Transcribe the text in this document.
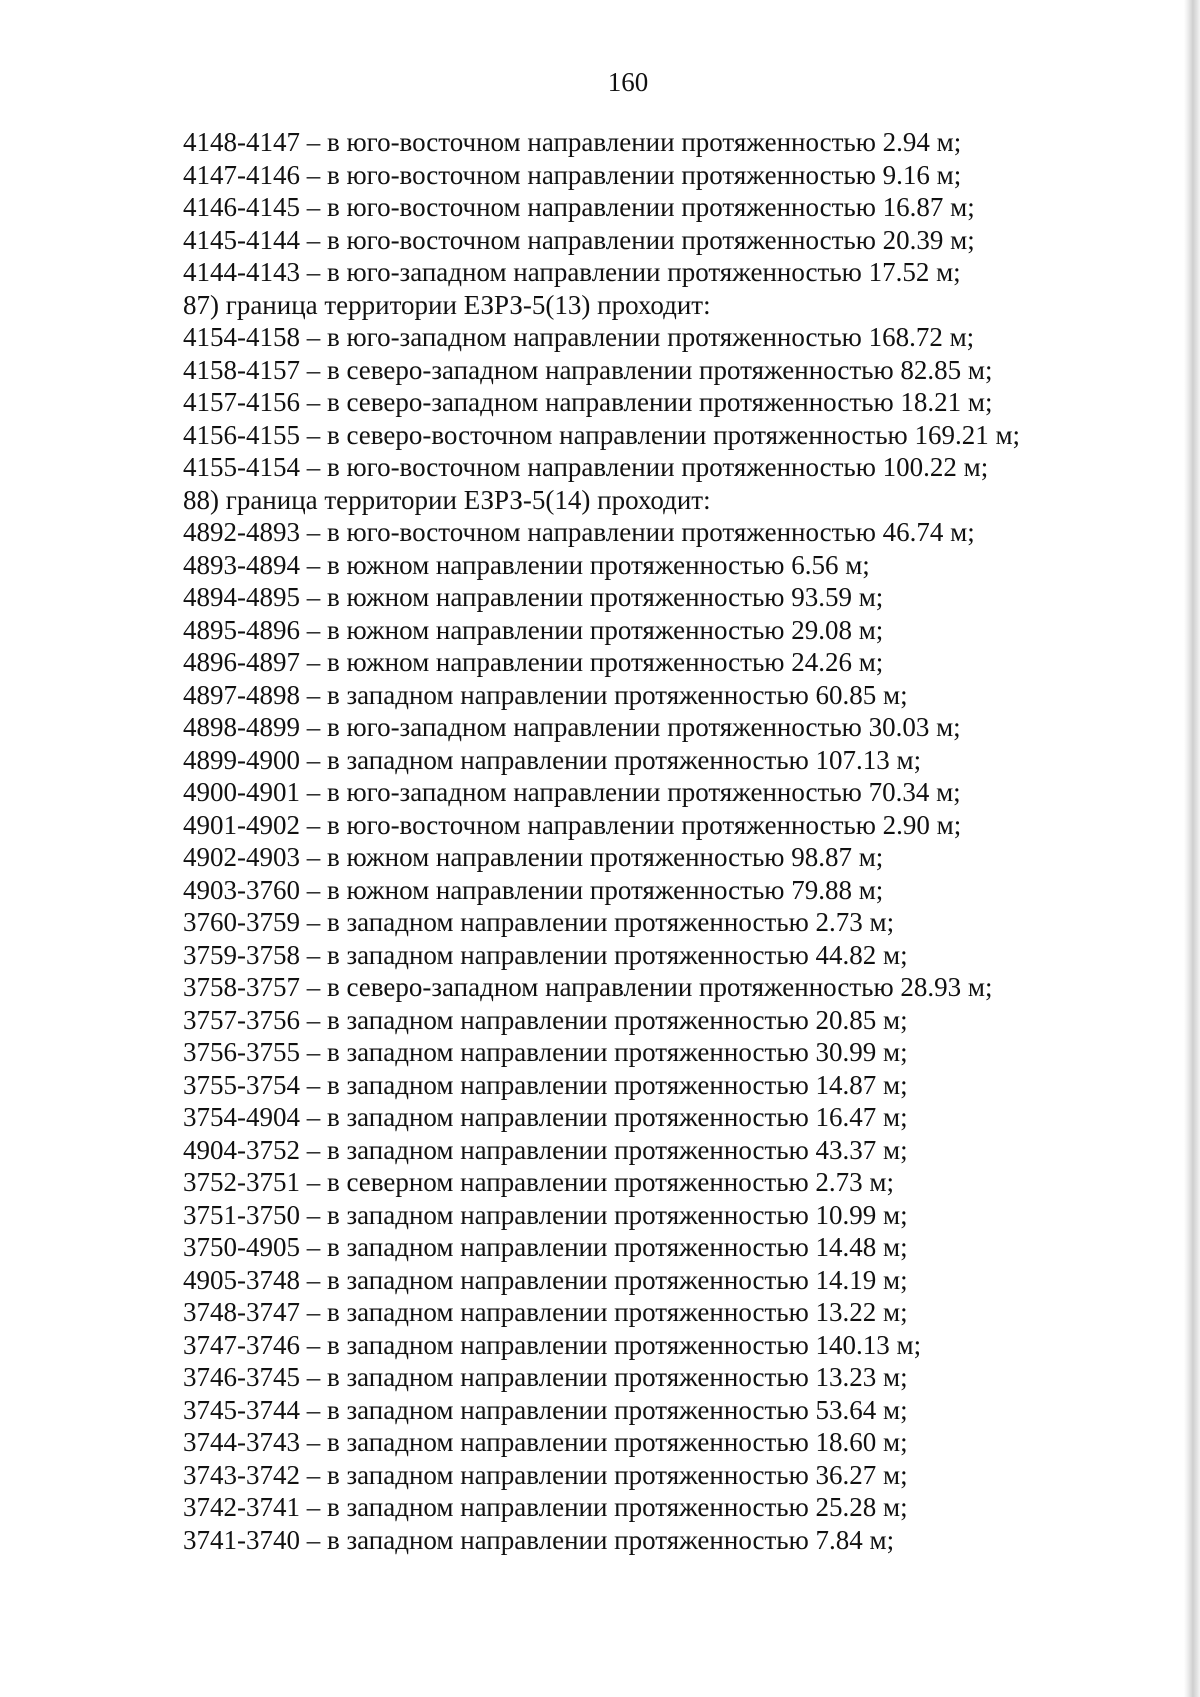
160
4148-4147 – в юго-восточном направлении протяженностью 2.94 м;
4147-4146 – в юго-восточном направлении протяженностью 9.16 м;
4146-4145 – в юго-восточном направлении протяженностью 16.87 м;
4145-4144 – в юго-восточном направлении протяженностью 20.39 м;
4144-4143 – в юго-западном направлении протяженностью 17.52 м;
87) граница территории ЕЗРЗ-5(13) проходит:
4154-4158 – в юго-западном направлении протяженностью 168.72 м;
4158-4157 – в северо-западном направлении протяженностью 82.85 м;
4157-4156 – в северо-западном направлении протяженностью 18.21 м;
4156-4155 – в северо-восточном направлении протяженностью 169.21 м;
4155-4154 – в юго-восточном направлении протяженностью 100.22 м;
88) граница территории ЕЗРЗ-5(14) проходит:
4892-4893 – в юго-восточном направлении протяженностью 46.74 м;
4893-4894 – в южном направлении протяженностью 6.56 м;
4894-4895 – в южном направлении протяженностью 93.59 м;
4895-4896 – в южном направлении протяженностью 29.08 м;
4896-4897 – в южном направлении протяженностью 24.26 м;
4897-4898 – в западном направлении протяженностью 60.85 м;
4898-4899 – в юго-западном направлении протяженностью 30.03 м;
4899-4900 – в западном направлении протяженностью 107.13 м;
4900-4901 – в юго-западном направлении протяженностью 70.34 м;
4901-4902 – в юго-восточном направлении протяженностью 2.90 м;
4902-4903 – в южном направлении протяженностью 98.87 м;
4903-3760 – в южном направлении протяженностью 79.88 м;
3760-3759 – в западном направлении протяженностью 2.73 м;
3759-3758 – в западном направлении протяженностью 44.82 м;
3758-3757 – в северо-западном направлении протяженностью 28.93 м;
3757-3756 – в западном направлении протяженностью 20.85 м;
3756-3755 – в западном направлении протяженностью 30.99 м;
3755-3754 – в западном направлении протяженностью 14.87 м;
3754-4904 – в западном направлении протяженностью 16.47 м;
4904-3752 – в западном направлении протяженностью 43.37 м;
3752-3751 – в северном направлении протяженностью 2.73 м;
3751-3750 – в западном направлении протяженностью 10.99 м;
3750-4905 – в западном направлении протяженностью 14.48 м;
4905-3748 – в западном направлении протяженностью 14.19 м;
3748-3747 – в западном направлении протяженностью 13.22 м;
3747-3746 – в западном направлении протяженностью 140.13 м;
3746-3745 – в западном направлении протяженностью 13.23 м;
3745-3744 – в западном направлении протяженностью 53.64 м;
3744-3743 – в западном направлении протяженностью 18.60 м;
3743-3742 – в западном направлении протяженностью 36.27 м;
3742-3741 – в западном направлении протяженностью 25.28 м;
3741-3740 – в западном направлении протяженностью 7.84 м;
